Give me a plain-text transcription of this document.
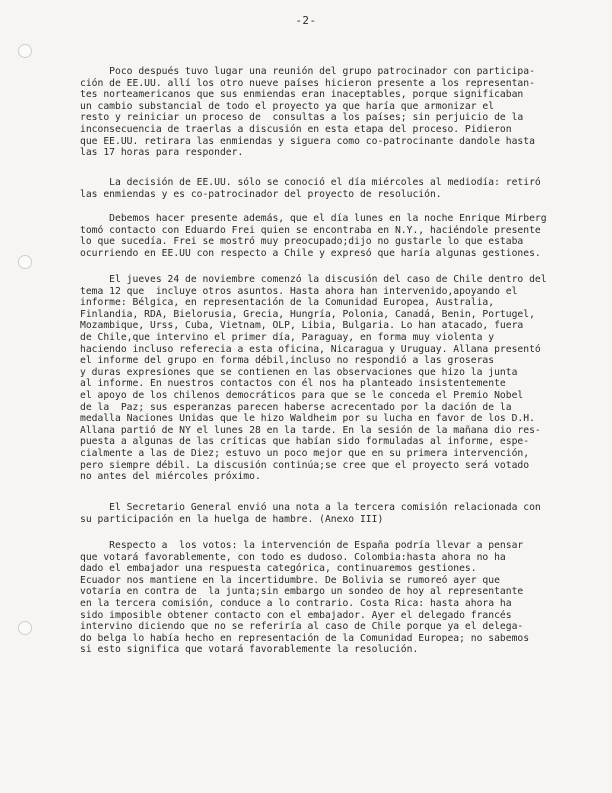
-2-
Poco después tuvo lugar una reunión del grupo patrocinador con participa-
ción de EE.UU. allí los otro nueve países hicieron presente a los representan-
tes norteamericanos que sus enmiendas eran inaceptables, porque significaban
un cambio substancial de todo el proyecto ya que haría que armonizar el
resto y reiniciar un proceso de  consultas a los países; sin perjuicio de la
inconsecuencia de traerlas a discusión en esta etapa del proceso. Pidieron
que EE.UU. retirara las enmiendas y siguera como co-patrocinante dandole hasta
las 17 horas para responder.
La decisión de EE.UU. sólo se conoció el día miércoles al mediodía: retiró
las enmiendas y es co-patrocinador del proyecto de resolución.
Debemos hacer presente además, que el día lunes en la noche Enrique Mirberg
tomó contacto con Eduardo Frei quien se encontraba en N.Y., haciéndole presente
lo que sucedía. Frei se mostró muy preocupado;dijo no gustarle lo que estaba
ocurriendo en EE.UU con respecto a Chile y expresó que haría algunas gestiones.
El jueves 24 de noviembre comenzó la discusión del caso de Chile dentro del
tema 12 que  incluye otros asuntos. Hasta ahora han intervenido,apoyando el
informe: Bélgica, en representación de la Comunidad Europea, Australia,
Finlandia, RDA, Bielorusia, Grecia, Hungría, Polonia, Canadá, Benin, Portugel,
Mozambique, Urss, Cuba, Vietnam, OLP, Libia, Bulgaria. Lo han atacado, fuera
de Chile,que intervino el primer día, Paraguay, en forma muy violenta y
haciendo incluso referecia a esta oficina, Nicaragua y Uruguay. Allana presentó
el informe del grupo en forma débil,incluso no respondió a las groseras
y duras expresiones que se contienen en las observaciones que hizo la junta
al informe. En nuestros contactos con él nos ha planteado insistentemente
el apoyo de los chilenos democráticos para que se le conceda el Premio Nobel
de la  Paz; sus esperanzas parecen haberse acrecentado por la dación de la
medalla Naciones Unidas que le hizo Waldheim por su lucha en favor de los D.H.
Allana partió de NY el lunes 28 en la tarde. En la sesión de la mañana dio res-
puesta a algunas de las críticas que habían sido formuladas al informe, espe-
cialmente a las de Diez; estuvo un poco mejor que en su primera intervención,
pero siempre débil. La discusión continúa;se cree que el proyecto será votado
no antes del miércoles próximo.
El Secretario General envió una nota a la tercera comisión relacionada con
su participación en la huelga de hambre. (Anexo III)
Respecto a  los votos: la intervención de España podría llevar a pensar
que votará favorablemente, con todo es dudoso. Colombia:hasta ahora no ha
dado el embajador una respuesta categórica, continuaremos gestiones.
Ecuador nos mantiene en la incertidumbre. De Bolivia se rumoreó ayer que
votaría en contra de  la junta;sin embargo un sondeo de hoy al representante
en la tercera comisión, conduce a lo contrario. Costa Rica: hasta ahora ha
sido imposible obtener contacto con el embajador. Ayer el delegado francés
intervino diciendo que no se referiría al caso de Chile porque ya el delega-
do belga lo había hecho en representación de la Comunidad Europea; no sabemos
si esto significa que votará favorablemente la resolución.
